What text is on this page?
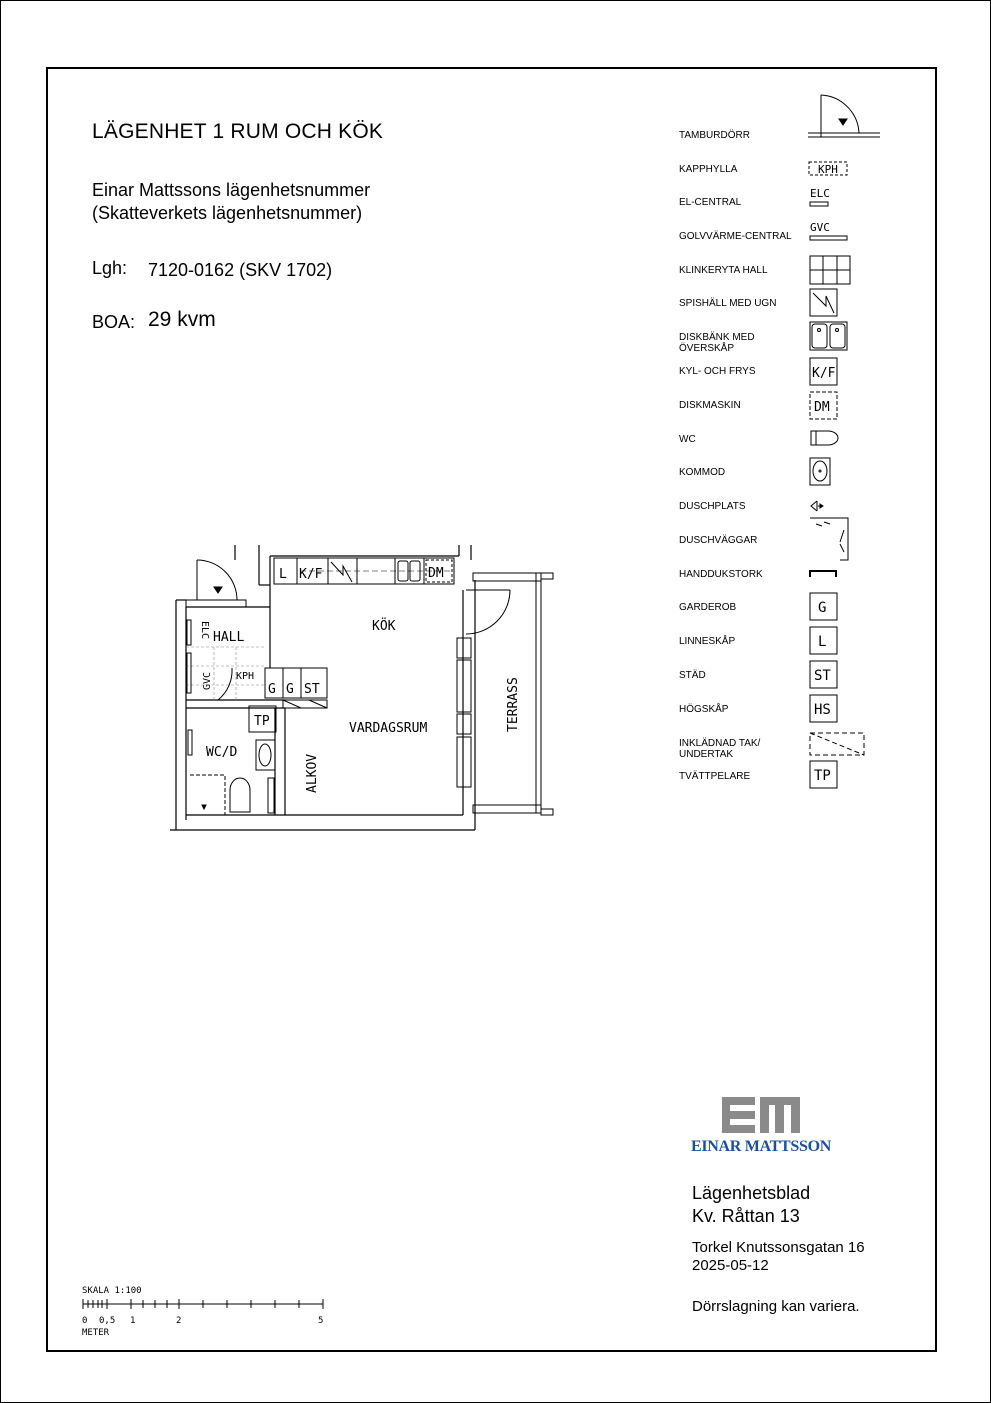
LÄGENHET 1 RUM OCH KÖK
Einar Mattssons lägenhetsnummer
(Skatteverkets lägenhetsnummer)
Lgh: 7120-0162 (SKV 1702)
BOA: 29 kvm
TAMBURDÖRR
KAPPHYLLA
EL-CENTRAL
GOLVVÄRME-CENTRAL
KLINKERYTA HALL
SPISHÄLL MED UGN
DISKBÄNK MED
ÖVERSKÅP
KYL- OCH FRYS
DISKMASKIN
WC
KOMMOD
DUSCHPLATS
DUSCHVÄGGAR
HANDDUKSTORK
GARDEROB
LINNESKÅP
STÄD
HÖGSKÅP
INKLÄDNAD TAK/
UNDERTAK
TVÄTTPELARE
KPH
ELC
GVC
K/F
DM
G
L
ST
HS
TP
L K/F	DM
KÖK
HALL
VARDAGSRUM
WC/D
G G ST
TP
KPH
ELC
GVC
ALKOV
TERRASS
SKALA 1:100
0 0,5 1	2	5
METER
EINAR MATTSSON
Lägenhetsblad
Kv. Råttan 13
Torkel Knutssonsgatan 16
2025-05-12
Dörrslagning kan variera.
